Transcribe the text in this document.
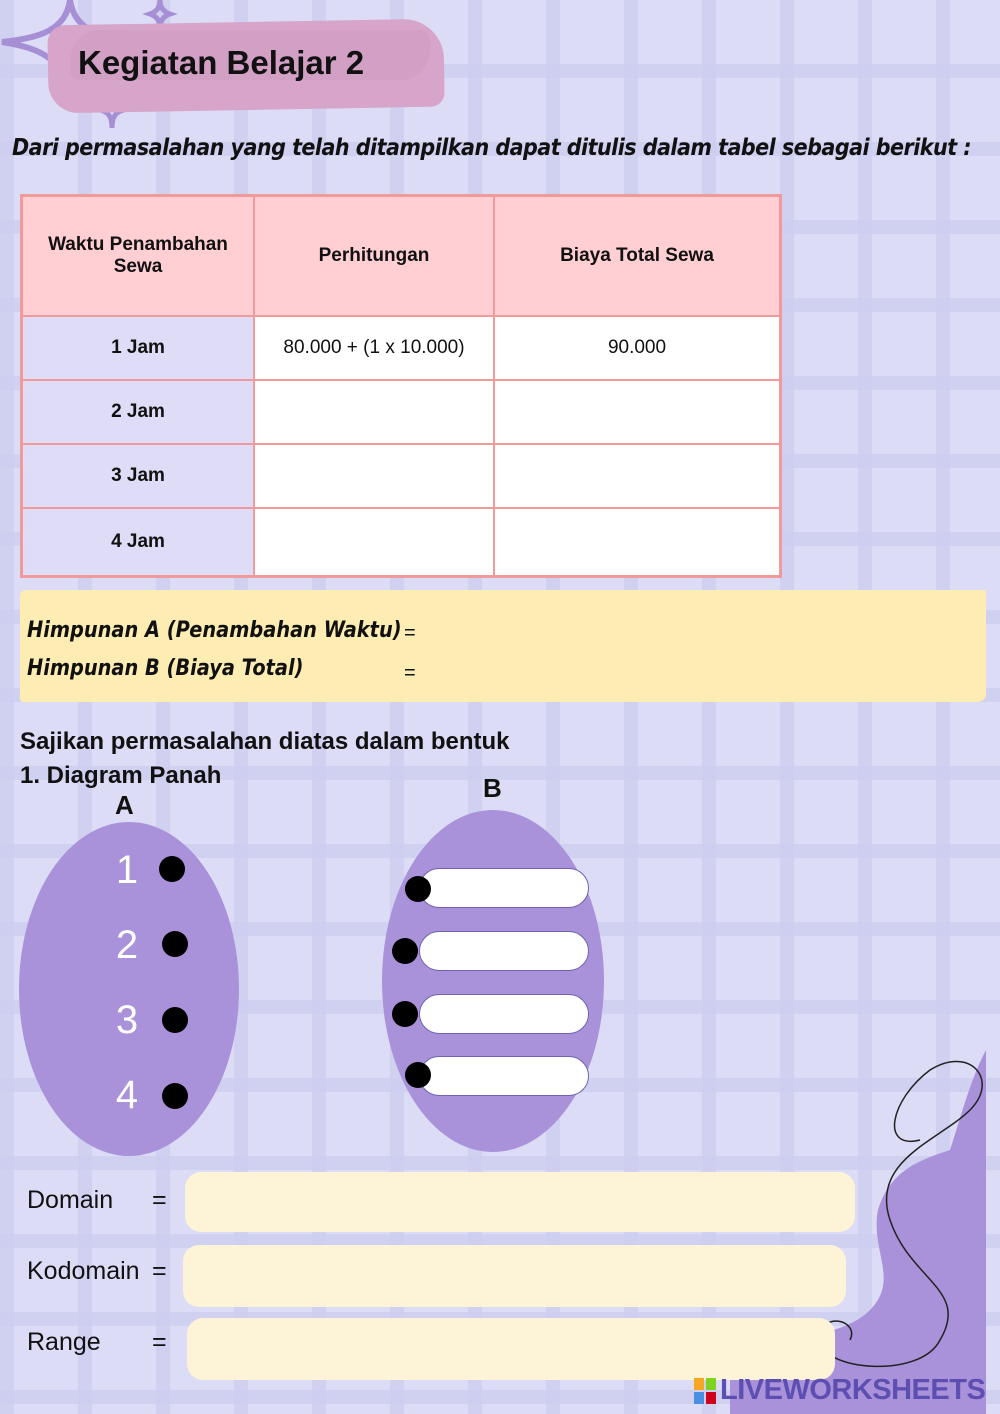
Kegiatan Belajar 2
Dari permasalahan yang telah ditampilkan dapat ditulis dalam tabel sebagai berikut :
Waktu Penambahan Sewa	Perhitungan	Biaya Total Sewa
1 Jam	80.000 + (1 x 10.000)	90.000
2 Jam		
3 Jam		
4 Jam		
Himpunan A (Penambahan Waktu) =
Himpunan B (Biaya Total)	=
Sajikan permasalahan diatas dalam bentuk
1. Diagram Panah
A
1
2
3
4
B
Domain =
Kodomain =
Range =
LIVEWORKSHEETS
